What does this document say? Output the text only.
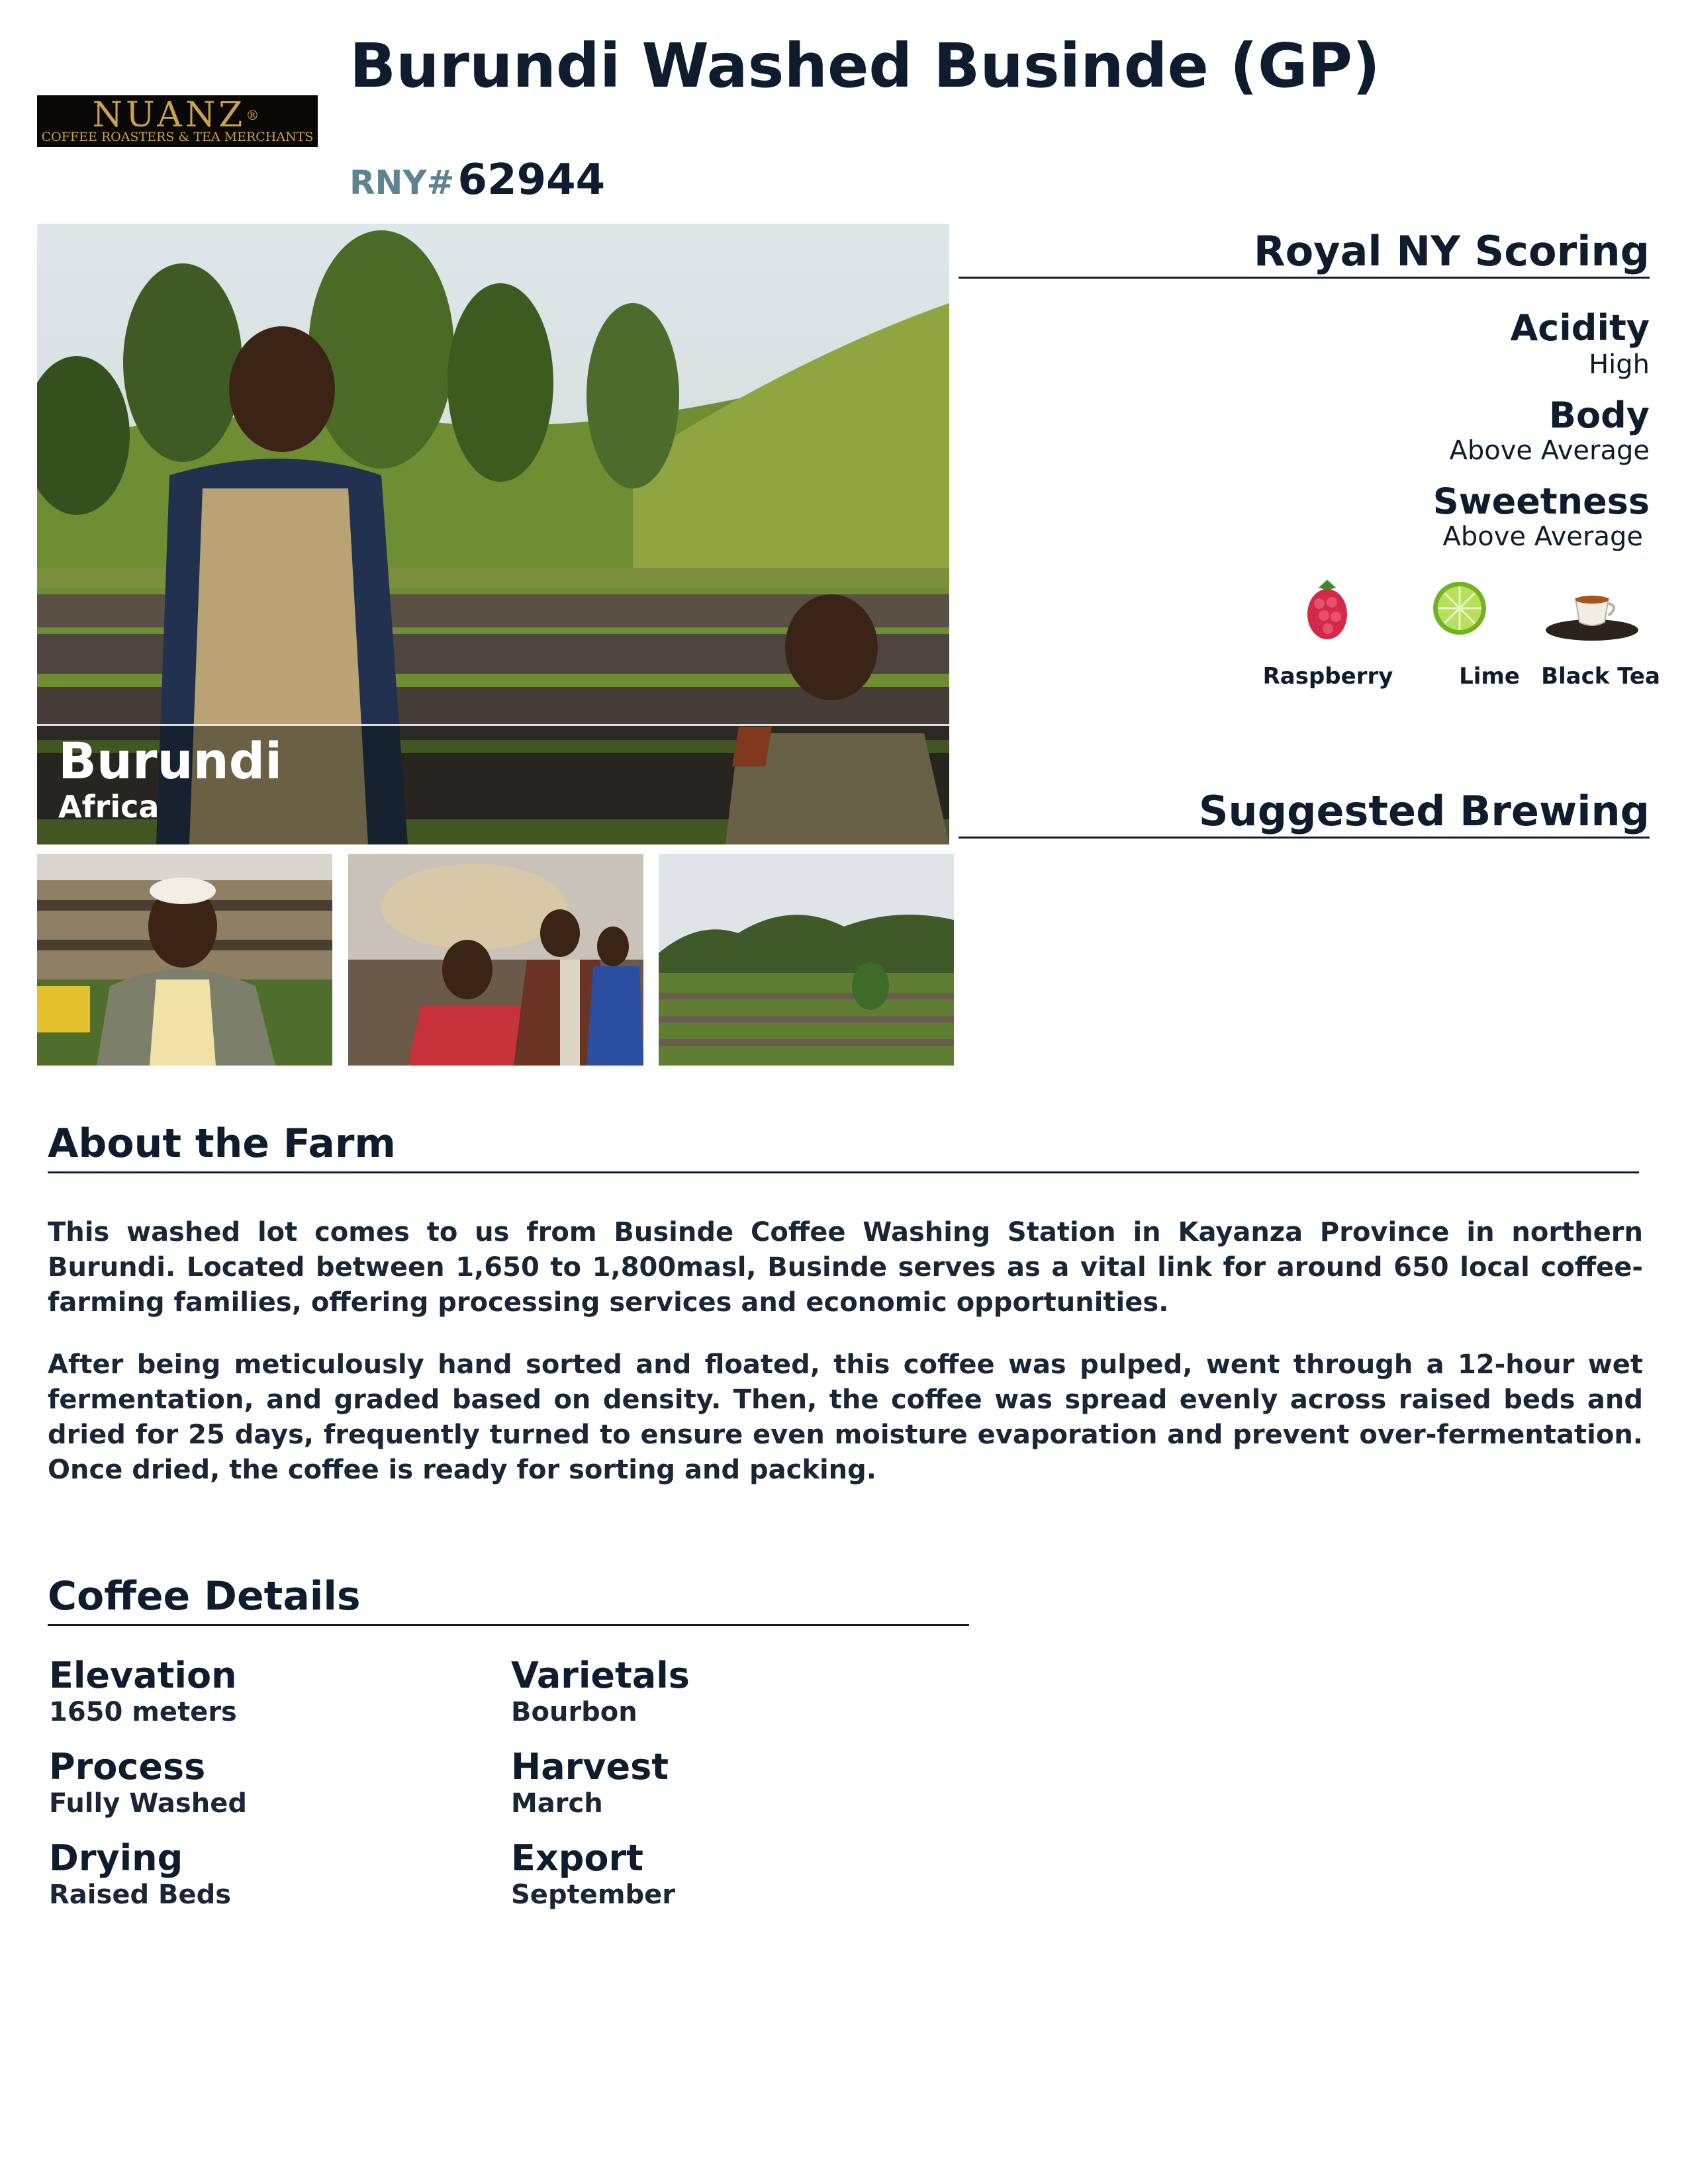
NUANZ®
COFFEE ROASTERS & TEA MERCHANTS
Burundi Washed Businde (GP)
RNY# 62944
Burundi
Africa
Royal NY Scoring
Acidity
High
Body
Above Average
Sweetness
Above Average
Raspberry	Lime Black Tea
Suggested Brewing
About the Farm
This washed lot comes to us from Businde Coffee Washing Station in Kayanza Province in northern Burundi. Located between 1,650 to 1,800masl, Businde serves as a vital link for around 650 local coffee-farming families, offering processing services and economic opportunities.
After being meticulously hand sorted and floated, this coffee was pulped, went through a 12-hour wet fermentation, and graded based on density. Then, the coffee was spread evenly across raised beds and dried for 25 days, frequently turned to ensure even moisture evaporation and prevent over-fermentation. Once dried, the coffee is ready for sorting and packing.
Coffee Details
Elevation
1650 meters
Varietals
Bourbon
Process
Fully Washed
Harvest
March
Drying
Raised Beds
Export
September
